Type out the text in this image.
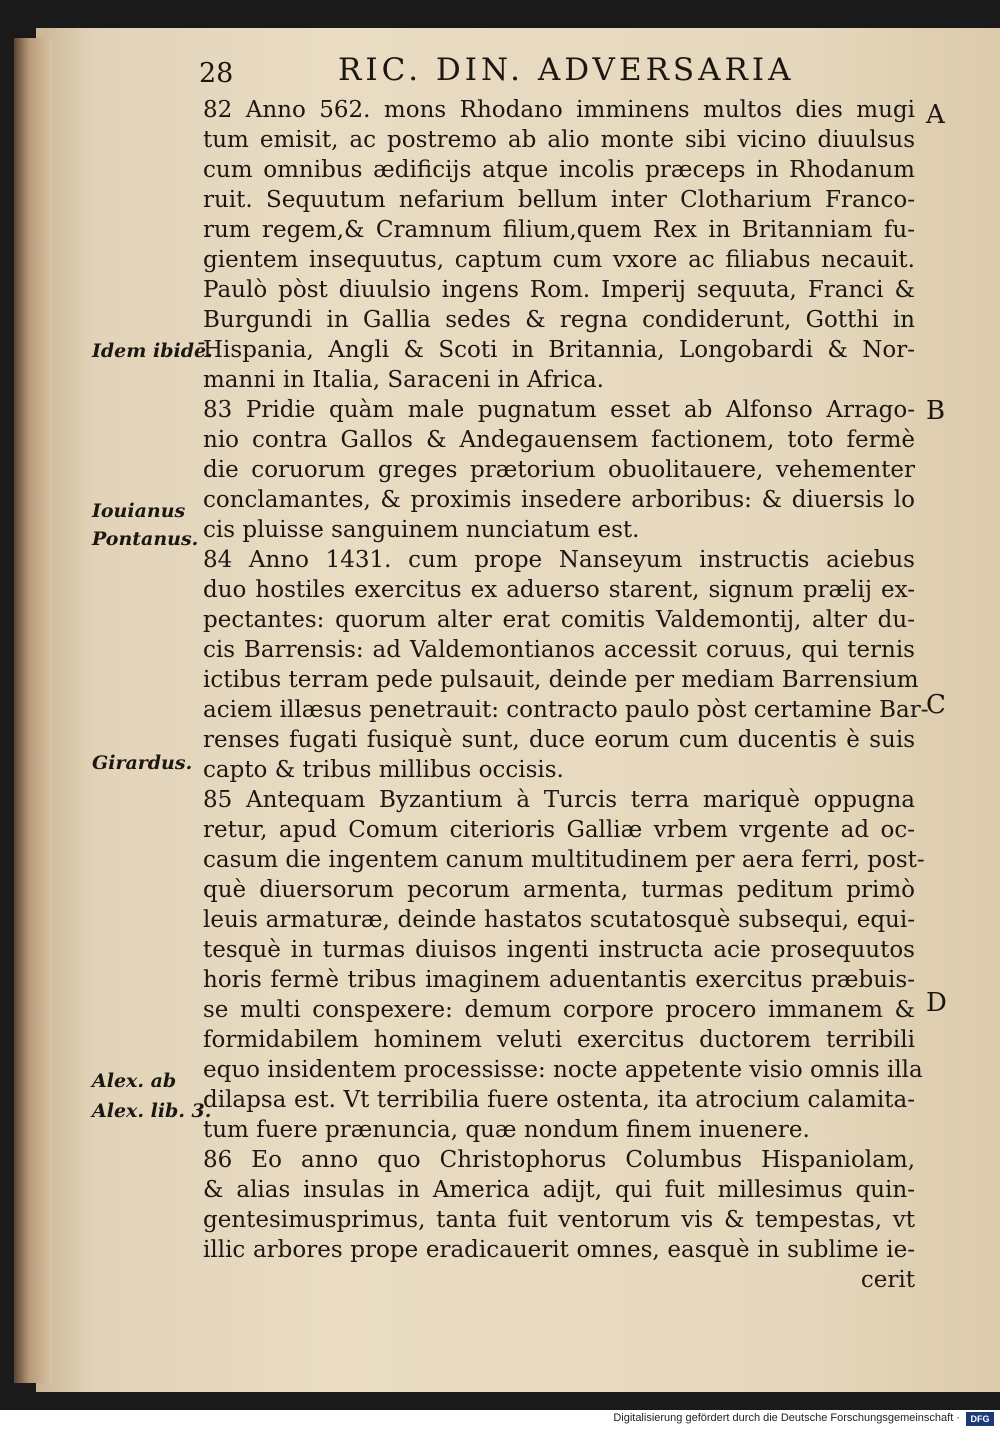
28	RIC. DIN. ADVERSARIA
82 Anno 562. mons Rhodano imminens multos dies mugi
tum emisit, ac postremo ab alio monte sibi vicino diuulsus
cum omnibus ædificijs atque incolis præceps in Rhodanum
ruit. Sequutum nefarium bellum inter Clotharium Franco-
rum regem,& Cramnum filium,quem Rex in Britanniam fu-
gientem insequutus, captum cum vxore ac filiabus necauit.
Paulò pòst diuulsio ingens Rom. Imperij sequuta, Franci &
Burgundi in Gallia sedes & regna condiderunt, Gotthi in
Hispania, Angli & Scoti in Britannia, Longobardi & Nor-
manni in Italia, Saraceni in Africa.
83 Pridie quàm male pugnatum esset ab Alfonso Arrago-
nio contra Gallos & Andegauensem factionem, toto fermè
die coruorum greges prætorium obuolitauere, vehementer
conclamantes, & proximis insedere arboribus: & diuersis lo
cis pluisse sanguinem nunciatum est.
84 Anno 1431. cum prope Nanseyum instructis aciebus
duo hostiles exercitus ex aduerso starent, signum prælij ex-
pectantes: quorum alter erat comitis Valdemontij, alter du-
cis Barrensis: ad Valdemontianos accessit coruus, qui ternis
ictibus terram pede pulsauit, deinde per mediam Barrensium
aciem illæsus penetrauit: contracto paulo pòst certamine Bar-
renses fugati fusiquè sunt, duce eorum cum ducentis è suis
capto & tribus millibus occisis.
85 Antequam Byzantium à Turcis terra mariquè oppugna
retur, apud Comum citerioris Galliæ vrbem vrgente ad oc-
casum die ingentem canum multitudinem per aera ferri, post-
què diuersorum pecorum armenta, turmas peditum primò
leuis armaturæ, deinde hastatos scutatosquè subsequi, equi-
tesquè in turmas diuisos ingenti instructa acie prosequutos
horis fermè tribus imaginem aduentantis exercitus præbuis-
se multi conspexere: demum corpore procero immanem &
formidabilem hominem veluti exercitus ductorem terribili
equo insidentem processisse: nocte appetente visio omnis illa
dilapsa est. Vt terribilia fuere ostenta, ita atrocium calamita-
tum fuere prænuncia, quæ nondum finem inuenere.
86 Eo anno quo Christophorus Columbus Hispaniolam,
& alias insulas in America adijt, qui fuit millesimus quin-
gentesimusprimus, tanta fuit ventorum vis & tempestas, vt
illic arbores prope eradicauerit omnes, easquè in sublime ie-
cerit
Idem ibidē.
Iouianus
Pontanus.
Girardus.
Alex. ab
Alex. lib. 3.
A
B
C
D
Digitalisierung gefördert durch die Deutsche Forschungsgemeinschaft ·	DFG
